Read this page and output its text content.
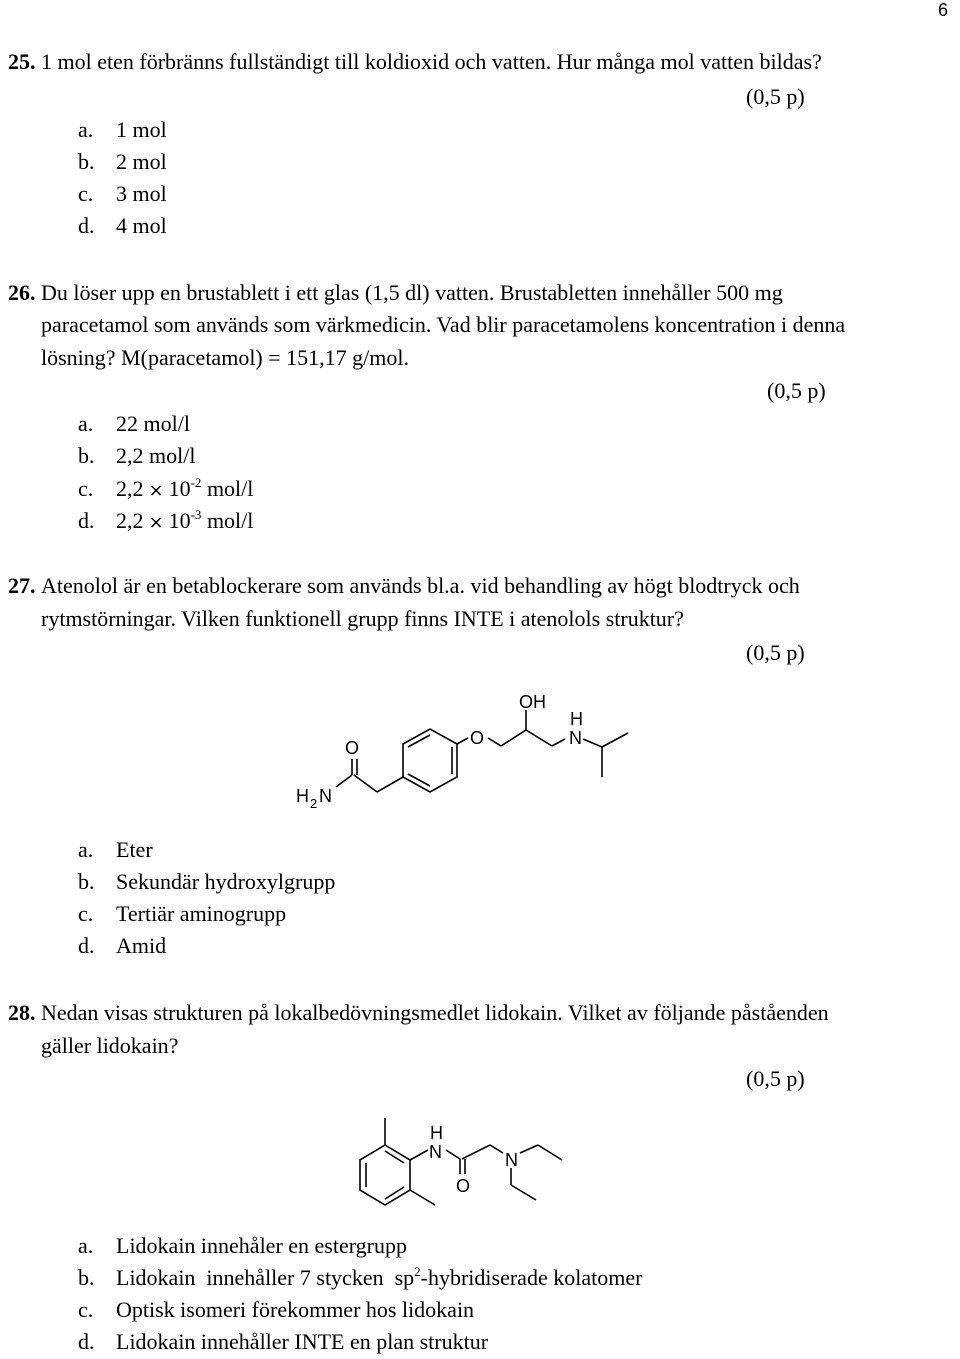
6
25. 1 mol eten förbränns fullständigt till koldioxid och vatten. Hur många mol vatten bildas?
(0,5 p)
a. 1 mol
b. 2 mol
c. 3 mol
d. 4 mol
26. Du löser upp en brustablett i ett glas (1,5 dl) vatten. Brustabletten innehåller 500 mg
paracetamol som används som värkmedicin. Vad blir paracetamolens koncentration i denna
lösning? M(paracetamol) = 151,17 g/mol.
(0,5 p)
a. 22 mol/l
b. 2,2 mol/l
c. $2,2 \times 10^{-2}$ mol/l
d. $2,2 \times 10^{-3}$ mol/l
27. Atenolol är en betablockerare som används bl.a. vid behandling av högt blodtryck och
rytmstörningar. Vilken funktionell grupp finns INTE i atenolols struktur?
(0,5 p)
O
H 2 N
O
OH
H
N
a. Eter
b. Sekundär hydroxylgrupp
c. Tertiär aminogrupp
d. Amid
28. Nedan visas strukturen på lokalbedövningsmedlet lidokain. Vilket av följande påståenden
gäller lidokain?
(0,5 p)
H
N
O
N
a. Lidokain innehåler en estergrupp
b. Lidokain  innehåller 7 stycken  $sp^2$-hybridiserade kolatomer
c. Optisk isomeri förekommer hos lidokain
d. Lidokain innehåller INTE en plan struktur
